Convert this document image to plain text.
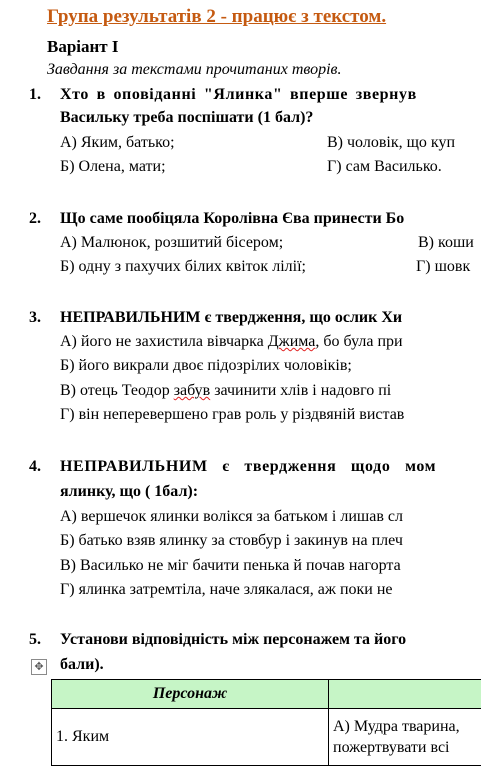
Група результатів 2 - працює з текстом.
Варіант І
Завдання за текстами прочитаних творів.
1. Хто в оповіданні "Ялинка" вперше звернув
Васильку треба поспішати (1 бал)?
А) Яким, батько;	В) чоловік, що куп
Б) Олена, мати;	Г) сам Василько.
2. Що саме пообіцяла Королівна Єва принести Бо
А) Малюнок, розшитий бісером;	В) коши
Б) одну з пахучих білих квіток лілії;	Г) шовк
3. НЕПРАВИЛЬНИМ є твердження, що ослик Хи
А) його не захистила вівчарка Джима, бо була при
Б) його викрали двоє підозрілих чоловіків;
В) отець Теодор забув зачинити хлів і надовго пі
Г) він неперевершено грав роль у різдвяній вистав
4. НЕПРАВИЛЬНИМ є твердження щодо мом
ялинку, що ( 1бал):
А) вершечок ялинки волікся за батьком і лишав сл
Б) батько взяв ялинку за стовбур і закинув на плеч
В) Василько не міг бачити пенька й почав нагорта
Г) ялинка затремтіла, наче злякалася, аж поки не
5. Установи відповідність між персонажем та його
бали).
✥
Персонаж	
1. Яким	А) Мудра тварина,
пожертвувати всі
